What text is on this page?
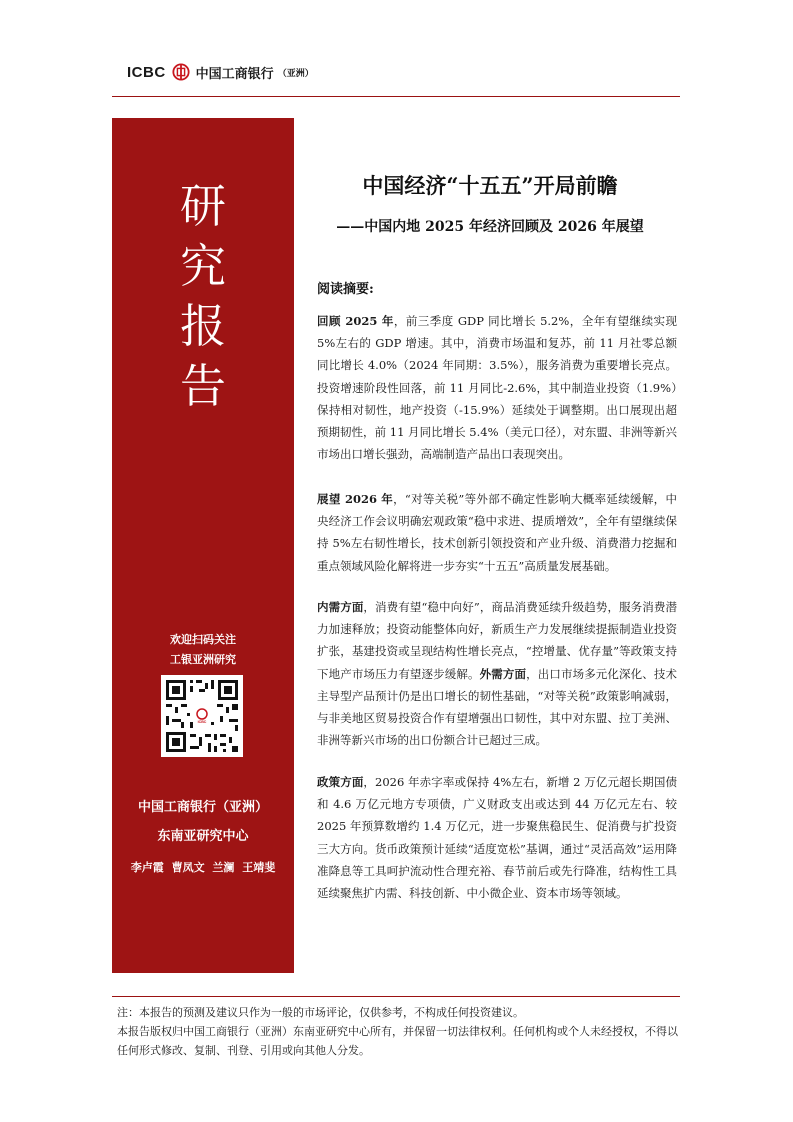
ICBC 中国工商银行 （亚洲）
研
究
报
告
欢迎扫码关注
工银亚洲研究
ICBC
中国工商银行（亚洲）
东南亚研究中心
李卢霞 曹凤文 兰澜 王靖斐
中国经济“十五五”开局前瞻
——中国内地 2025 年经济回顾及 2026 年展望
阅读摘要:

回顾 2025 年，前三季度 GDP 同比增长 5.2%，全年有望继续实现 5%左右的 GDP 增速。其中，消费市场温和复苏，前 11 月社零总额同比增长 4.0%（2024 年同期：3.5%），服务消费为重要增长亮点。投资增速阶段性回落，前 11 月同比-2.6%，其中制造业投资（1.9%）保持相对韧性，地产投资（-15.9%）延续处于调整期。出口展现出超预期韧性，前 11 月同比增长 5.4%（美元口径），对东盟、非洲等新兴市场出口增长强劲，高端制造产品出口表现突出。

展望 2026 年，“对等关税”等外部不确定性影响大概率延续缓解，中央经济工作会议明确宏观政策“稳中求进、提质增效”，全年有望继续保持 5%左右韧性增长，技术创新引领投资和产业升级、消费潜力挖掘和重点领域风险化解将进一步夯实“十五五”高质量发展基础。

内需方面，消费有望“稳中向好”，商品消费延续升级趋势，服务消费潜力加速释放；投资动能整体向好，新质生产力发展继续提振制造业投资扩张，基建投资或呈现结构性增长亮点，“控增量、优存量”等政策支持下地产市场压力有望逐步缓解。外需方面，出口市场多元化深化、技术主导型产品预计仍是出口增长的韧性基础，“对等关税”政策影响减弱，与非美地区贸易投资合作有望增强出口韧性，其中对东盟、拉丁美洲、非洲等新兴市场的出口份额合计已超过三成。

政策方面，2026 年赤字率或保持 4%左右，新增 2 万亿元超长期国债和 4.6 万亿元地方专项债，广义财政支出或达到 44 万亿元左右、较 2025 年预算数增约 1.4 万亿元，进一步聚焦稳民生、促消费与扩投资三大方向。货币政策预计延续“适度宽松”基调，通过“灵活高效”运用降准降息等工具呵护流动性合理充裕、春节前后或先行降准，结构性工具延续聚焦扩内需、科技创新、中小微企业、资本市场等领域。

注：本报告的预测及建议只作为一般的市场评论，仅供参考，不构成任何投资建议。

本报告版权归中国工商银行（亚洲）东南亚研究中心所有，并保留一切法律权利。任何机构或个人未经授权，不得以任何形式修改、复制、刊登、引用或向其他人分发。
